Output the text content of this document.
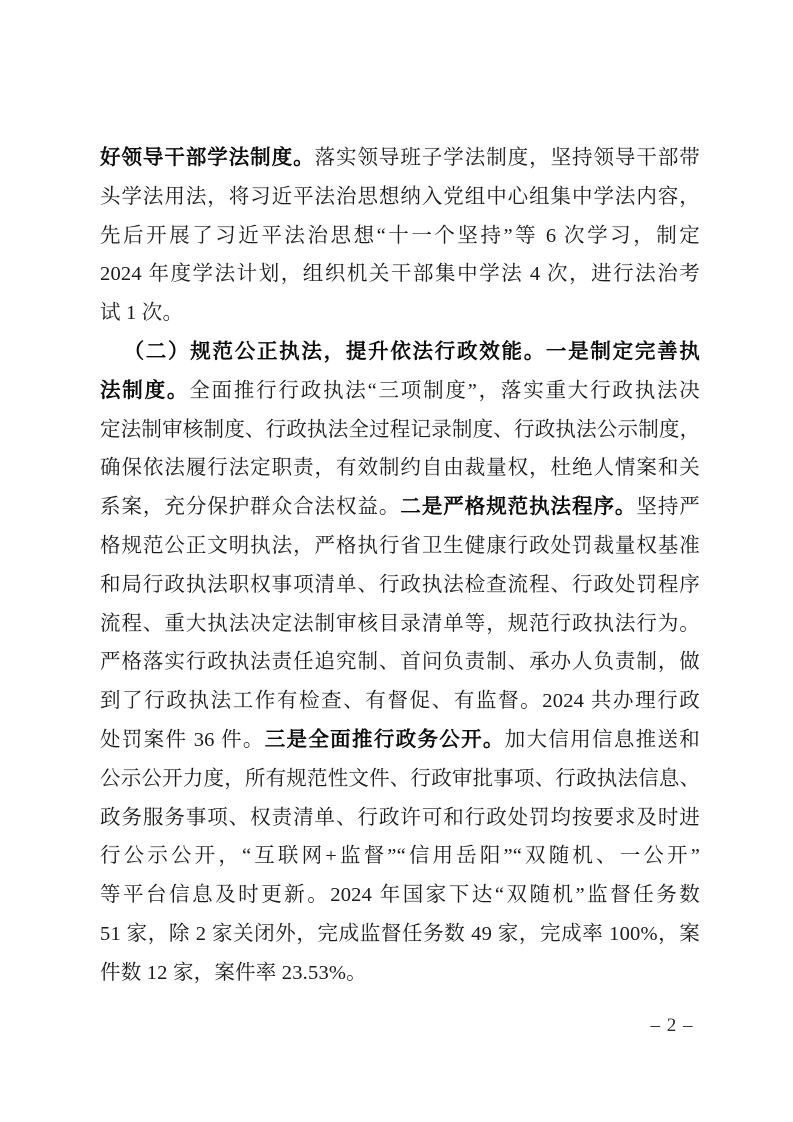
好领导干部学法制度。落实领导班子学法制度，坚持领导干部带
头学法用法，将习近平法治思想纳入党组中心组集中学法内容，
先后开展了习近平法治思想“十一个坚持”等 6 次学习，制定
2024 年度学法计划，组织机关干部集中学法 4 次，进行法治考
试 1 次。
（二）规范公正执法，提升依法行政效能。一是制定完善执
法制度。全面推行行政执法“三项制度”，落实重大行政执法决
定法制审核制度、行政执法全过程记录制度、行政执法公示制度，
确保依法履行法定职责，有效制约自由裁量权，杜绝人情案和关
系案，充分保护群众合法权益。二是严格规范执法程序。坚持严
格规范公正文明执法，严格执行省卫生健康行政处罚裁量权基准
和局行政执法职权事项清单、行政执法检查流程、行政处罚程序
流程、重大执法决定法制审核目录清单等，规范行政执法行为。
严格落实行政执法责任追究制、首问负责制、承办人负责制，做
到了行政执法工作有检查、有督促、有监督。2024 共办理行政
处罚案件 36 件。三是全面推行政务公开。加大信用信息推送和
公示公开力度，所有规范性文件、行政审批事项、行政执法信息、
政务服务事项、权责清单、行政许可和行政处罚均按要求及时进
行公示公开，“互联网+监督”“信用岳阳”“双随机、一公开”
等平台信息及时更新。2024 年国家下达“双随机”监督任务数
51 家，除 2 家关闭外，完成监督任务数 49 家，完成率 100%，案
件数 12 家，案件率 23.53%。
– 2 –
